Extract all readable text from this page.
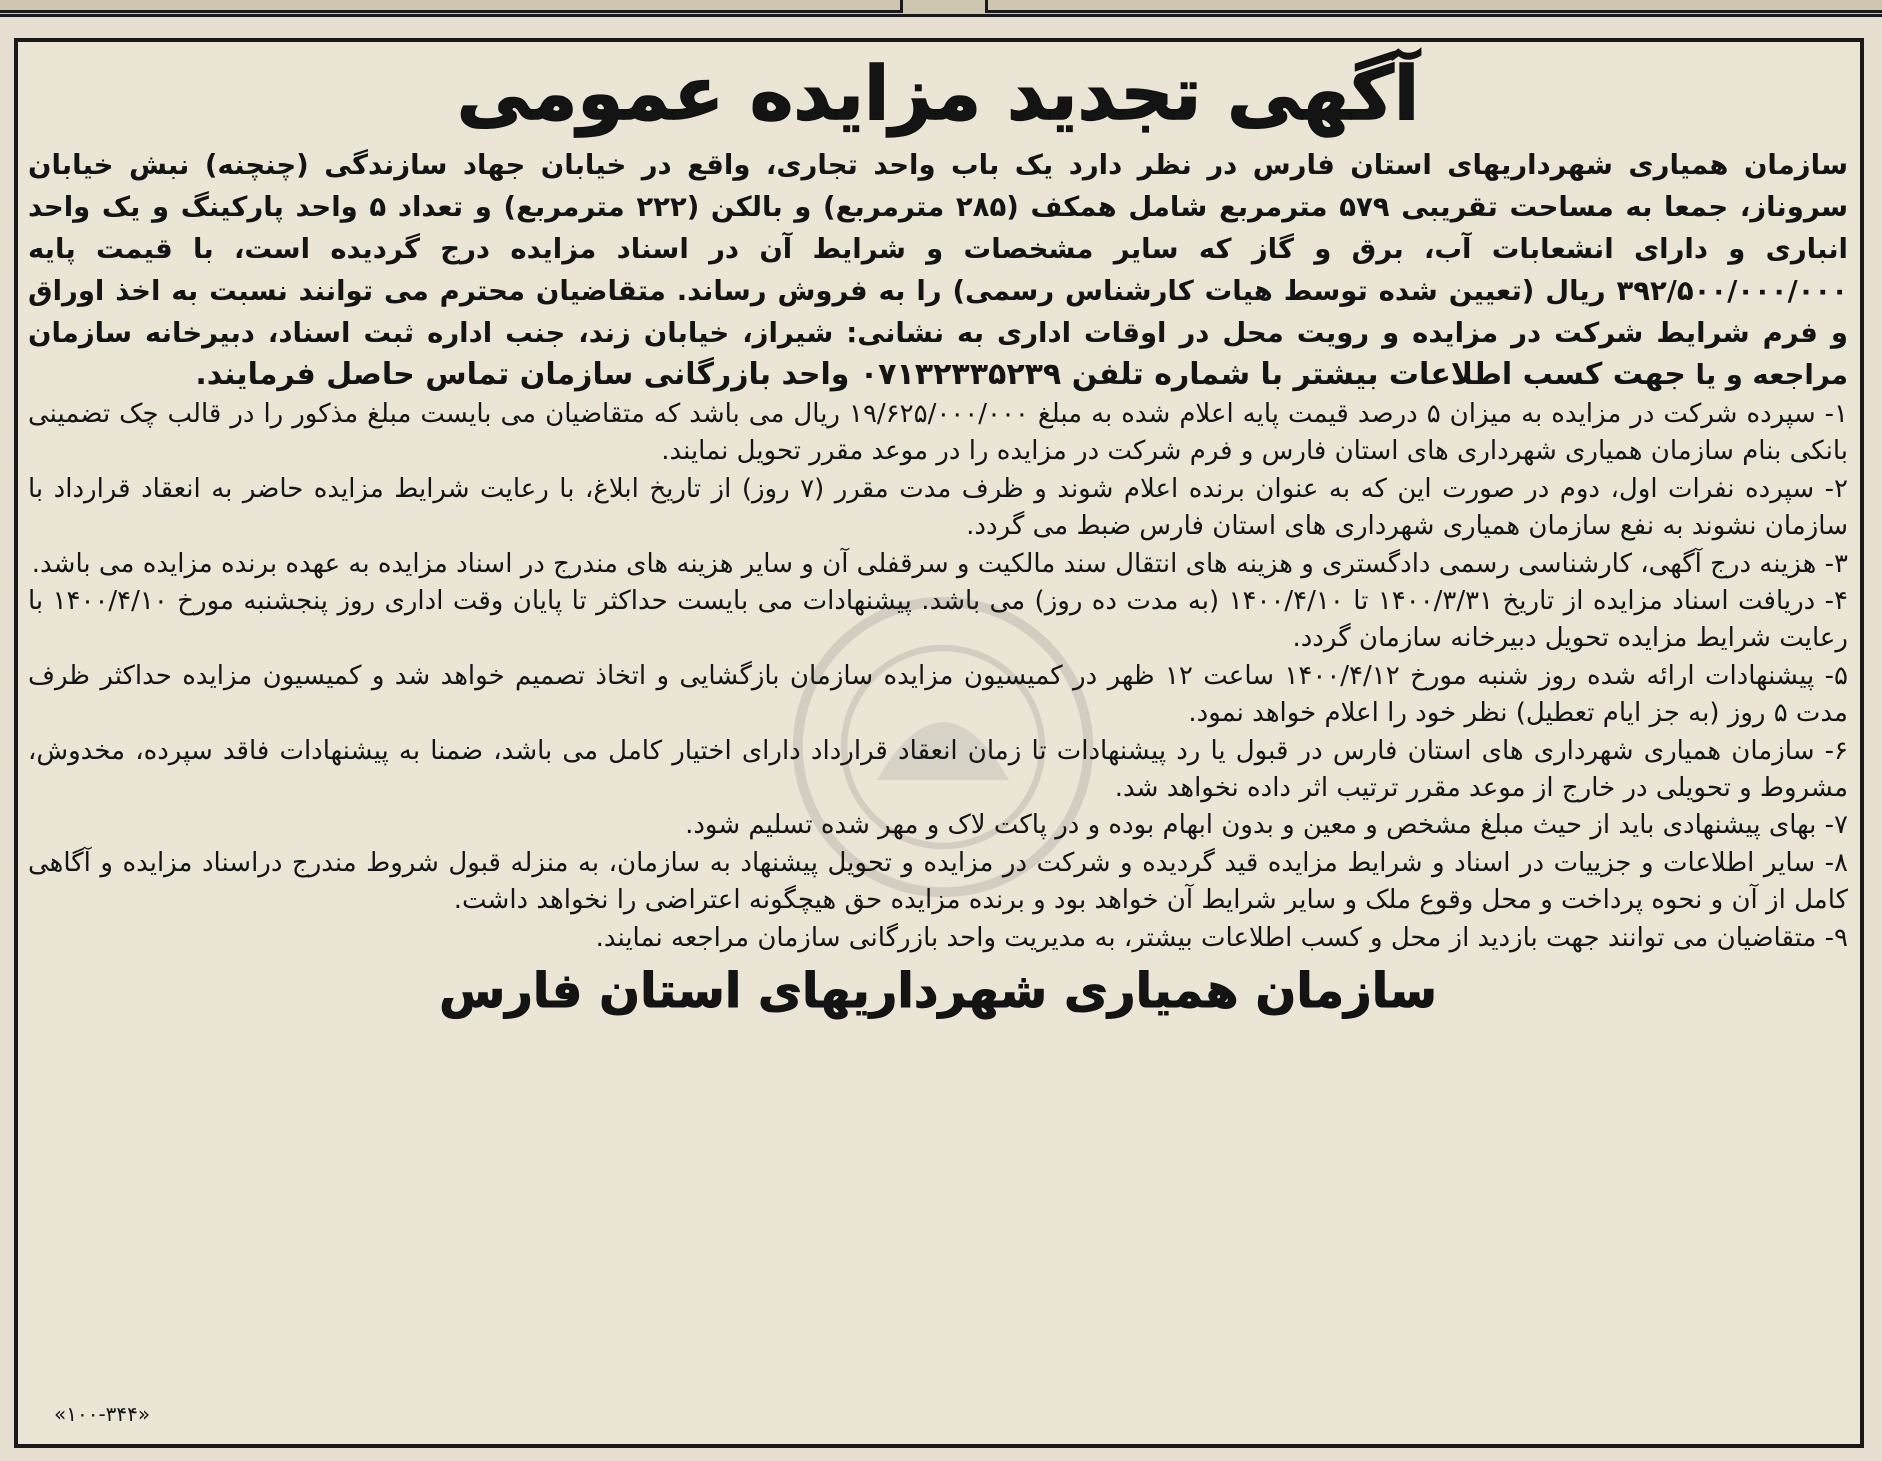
آگهی تجدید مزایده عمومی

سازمان همیاری شهرداریهای استان فارس در نظر دارد یک باب واحد تجاری، واقع در خیابان جهاد سازندگی (چنچنه) نبش خیابان سروناز، جمعا به مساحت تقریبی ۵۷۹ مترمربع شامل همکف (۲۸۵ مترمربع) و بالکن (۲۲۲ مترمربع) و تعداد ۵ واحد پارکینگ و یک واحد انباری و دارای انشعابات آب، برق و گاز که سایر مشخصات و شرایط آن در اسناد مزایده درج گردیده است، با قیمت پایه ۳۹۲/۵۰۰/۰۰۰/۰۰۰ ریال (تعیین شده توسط هیات کارشناس رسمی) را به فروش رساند. متقاضیان محترم می توانند نسبت به اخذ اوراق و فرم شرایط شرکت در مزایده و رویت محل در اوقات اداری به نشانی: شیراز، خیابان زند، جنب اداره ثبت اسناد، دبیرخانه سازمان مراجعه و یا جهت کسب اطلاعات بیشتر با شماره تلفن ۰۷۱۳۲۳۳۵۲۳۹ واحد بازرگانی سازمان تماس حاصل فرمایند.

۱- سپرده شرکت در مزایده به میزان ۵ درصد قیمت پایه اعلام شده به مبلغ ۱۹/۶۲۵/۰۰۰/۰۰۰ ریال می باشد که متقاضیان می بایست مبلغ مذکور را در قالب چک تضمینی بانکی بنام سازمان همیاری شهرداری های استان فارس و فرم شرکت در مزایده را در موعد مقرر تحویل نمایند.
۲- سپرده نفرات اول، دوم در صورت این که به عنوان برنده اعلام شوند و ظرف مدت مقرر (۷ روز) از تاریخ ابلاغ، با رعایت شرایط مزایده حاضر به انعقاد قرارداد با سازمان نشوند به نفع سازمان همیاری شهرداری های استان فارس ضبط می گردد.
۳- هزینه درج آگهی، کارشناسی رسمی دادگستری و هزینه های انتقال سند مالکیت و سرقفلی آن و سایر هزینه های مندرج در اسناد مزایده به عهده برنده مزایده می باشد.
۴- دریافت اسناد مزایده از تاریخ ۱۴۰۰/۳/۳۱ تا ۱۴۰۰/۴/۱۰ (به مدت ده روز) می باشد. پیشنهادات می بایست حداکثر تا پایان وقت اداری روز پنجشنبه مورخ ۱۴۰۰/۴/۱۰ با رعایت شرایط مزایده تحویل دبیرخانه سازمان گردد.
۵- پیشنهادات ارائه شده روز شنبه مورخ ۱۴۰۰/۴/۱۲ ساعت ۱۲ ظهر در کمیسیون مزایده سازمان بازگشایی و اتخاذ تصمیم خواهد شد و کمیسیون مزایده حداکثر ظرف مدت ۵ روز (به جز ایام تعطیل) نظر خود را اعلام خواهد نمود.
۶- سازمان همیاری شهرداری های استان فارس در قبول یا رد پیشنهادات تا زمان انعقاد قرارداد دارای اختیار کامل می باشد، ضمنا به پیشنهادات فاقد سپرده، مخدوش، مشروط و تحویلی در خارج از موعد مقرر ترتیب اثر داده نخواهد شد.
۷- بهای پیشنهادی باید از حیث مبلغ مشخص و معین و بدون ابهام بوده و در پاکت لاک و مهر شده تسلیم شود.
۸- سایر اطلاعات و جزییات در اسناد و شرایط مزایده قید گردیده و شرکت در مزایده و تحویل پیشنهاد به سازمان، به منزله قبول شروط مندرج دراسناد مزایده و آگاهی کامل از آن و نحوه پرداخت و محل وقوع ملک و سایر شرایط آن خواهد بود و برنده مزایده حق هیچگونه اعتراضی را نخواهد داشت.
۹- متقاضیان می توانند جهت بازدید از محل و کسب اطلاعات بیشتر، به مدیریت واحد بازرگانی سازمان مراجعه نمایند.
سازمان همیاری شهرداریهای استان فارس
«۱۰۰-۳۴۴»
